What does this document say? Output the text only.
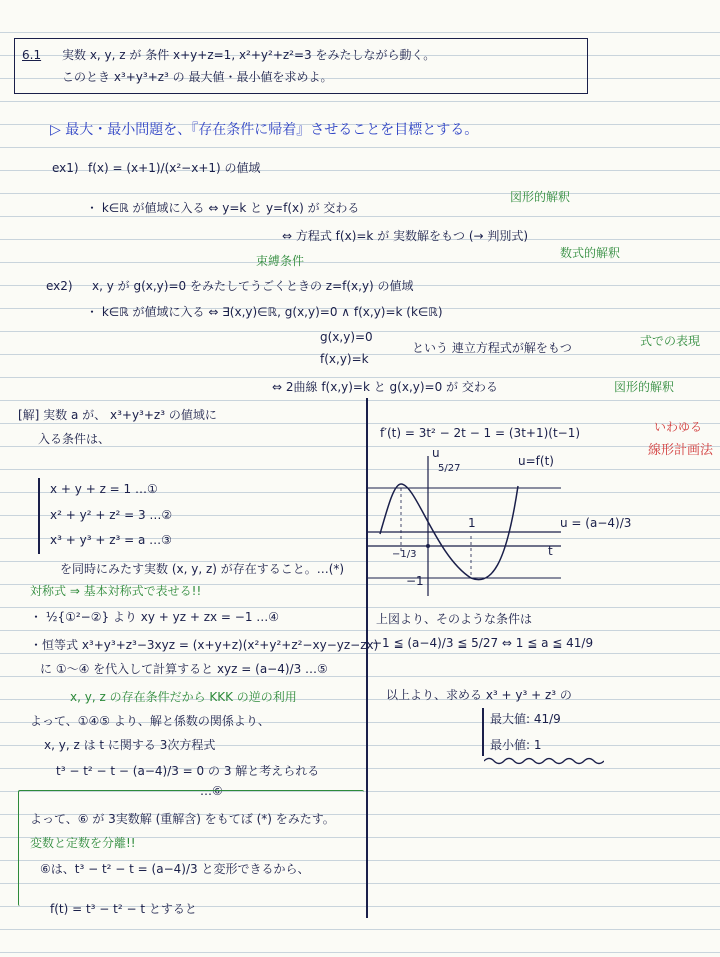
6.1 実数 x, y, z が 条件 x+y+z=1, x²+y²+z²=3 をみたしながら動く。
このとき x³+y³+z³ の 最大値・最小値を求めよ。
▷ 最大・最小問題を、『存在条件に帰着』させることを目標とする。
ex1) f(x) = (x+1)/(x²−x+1) の値域
・ k∈ℝ が値域に入る ⇔ y=k と y=f(x) が 交わる
図形的解釈
⇔ 方程式 f(x)=k が 実数解をもつ (→ 判別式)
数式的解釈
束縛条件
ex2) x, y が g(x,y)=0 をみたしてうごくときの z=f(x,y) の値域
・ k∈ℝ が値域に入る ⇔ ∃(x,y)∈ℝ, g(x,y)=0 ∧ f(x,y)=k (k∈ℝ)
g(x,y)=0
f(x,y)=k
という 連立方程式が解をもつ	式での表現
⇔ 2曲線 f(x,y)=k と g(x,y)=0 が 交わる	図形的解釈
[解] 実数 a が、 x³+y³+z³ の値域に
入る条件は、
x + y + z = 1 …①
x² + y² + z² = 3 …②
x³ + y³ + z³ = a …③
を同時にみたす実数 (x, y, z) が存在すること。…(*)
対称式 ⇒ 基本対称式で表せる!!
・ ½{①²−②} より xy + yz + zx = −1 …④
・恒等式 x³+y³+z³−3xyz = (x+y+z)(x²+y²+z²−xy−yz−zx)
に ①〜④ を代入して計算すると xyz = (a−4)/3 …⑤
x, y, z の存在条件だから KKK の逆の利用
よって、①④⑤ より、解と係数の関係より、
x, y, z は t に関する 3次方程式
t³ − t² − t − (a−4)/3 = 0 の 3 解と考えられる
…⑥
よって、⑥ が 3実数解 (重解含) をもてば (*) をみたす。
変数と定数を分離!!
⑥は、t³ − t² − t = (a−4)/3 と変形できるから、
f(t) = t³ − t² − t とすると
f′(t) = 3t² − 2t − 1 = (3t+1)(t−1)	いわゆる
線形計画法
u
5/27
u=f(t)
u = (a−4)/3
t
−1/3
1
−1
上図より、そのような条件は
−1 ≦ (a−4)/3 ≦ 5/27 ⇔ 1 ≦ a ≦ 41/9
以上より、求める x³ + y³ + z³ の
最大値: 41/9
最小値: 1
